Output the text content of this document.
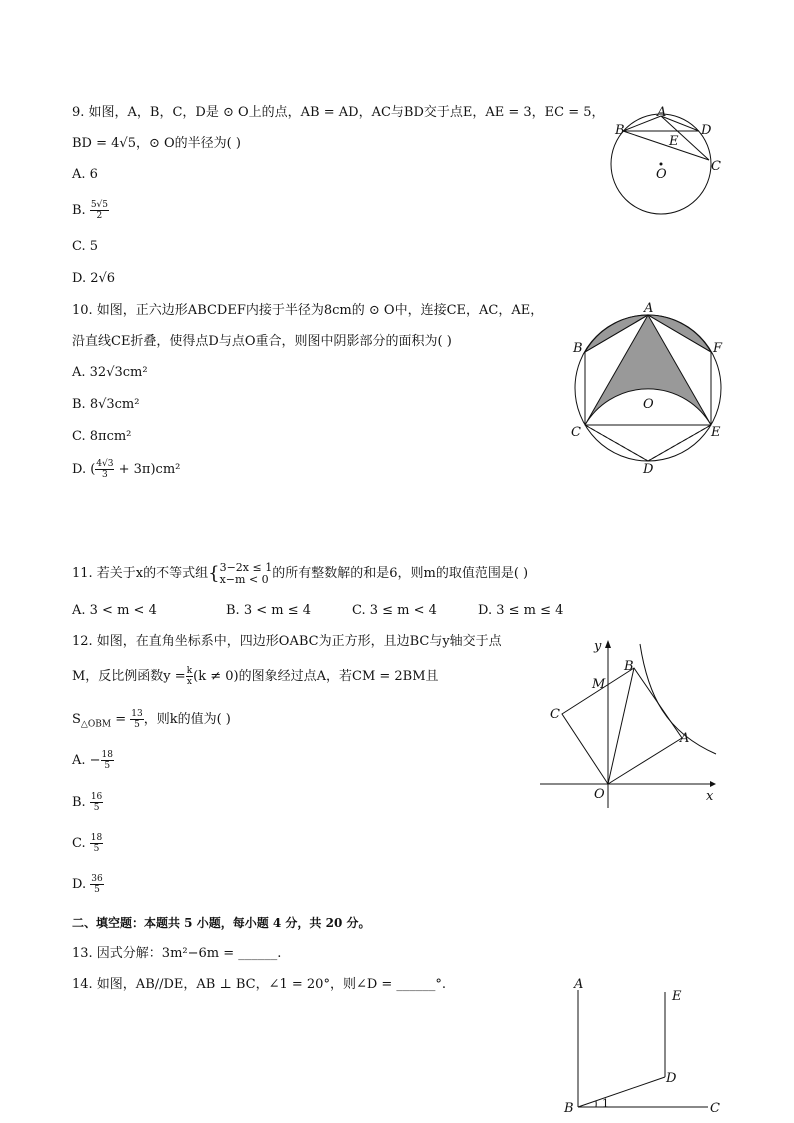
9. 如图，A，B，C，D是 ⊙ O上的点，AB = AD，AC与BD交于点E，AE = 3，EC = 5，
BD = 4√5，⊙ O的半径为( )
A. 6
B. $\frac{5√5}{2}$
C. 5
D. 2√6
A
B	D
E
C
O
10. 如图，正六边形ABCDEF内接于半径为8cm的 ⊙ O中，连接CE，AC，AE，
沿直线CE折叠，使得点D与点O重合，则图中阴影部分的面积为( )
A. 32√3cm²
B. 8√3cm²
C. 8πcm²
D. ( $\frac{4√3}{3} + 3\pi)cm^2$
A
B	F
O
C	E
D
11. 若关于x的不等式组{ 3−2x ≤ 1
x−m < 0 的所有整数解的和是6，则m的取值范围是( )
A. 3 < m < 4	B. 3 < m ≤ 4	C. 3 ≤ m < 4	D. 3 ≤ m ≤ 4
12. 如图，在直角坐标系中，四边形OABC为正方形，且边BC与y轴交于点
M，反比例函数$y = \frac{k}{x} (k \ne 0)$的图象经过点A，若CM = 2BM且
$S_{\triangle OBM} = \frac{13}{5}$ ，则k的值为( )
A. − $\frac{18}{5}$
B. $\frac{16}{5}$
C. $\frac{18}{5}$
D. $\frac{36}{5}$
y
x
B
M
C
A
O
二、填空题：本题共 5 小题，每小题 4 分，共 20 分。
13. 因式分解：3m²−6m = ______.
14. 如图，AB//DE，AB ⊥ BC，∠1 = 20°，则∠D = ______°.	A
E
D
B	C
1
